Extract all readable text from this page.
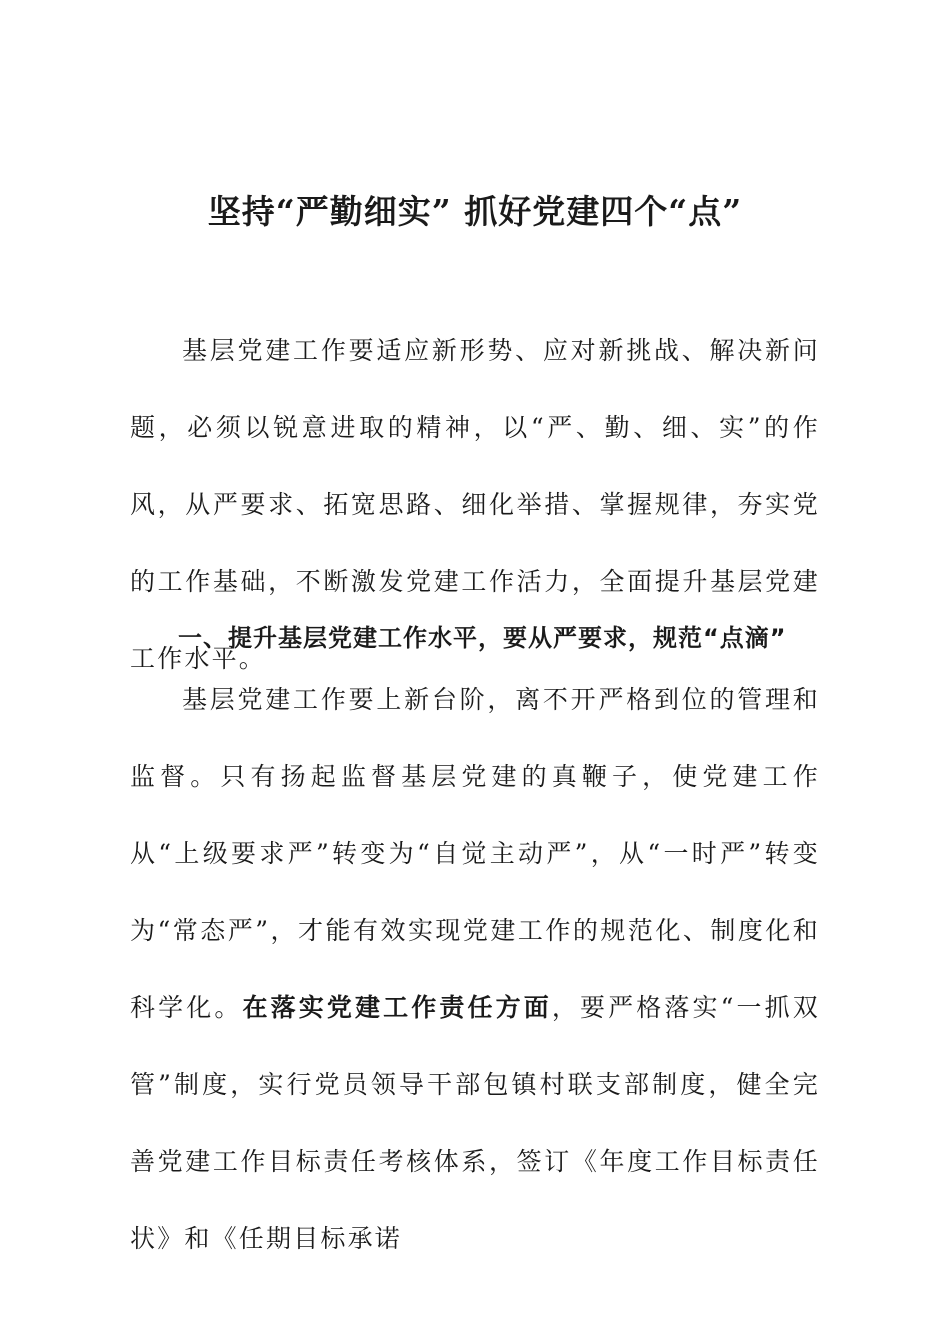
坚持“严勤细实” 抓好党建四个“点”

基层党建工作要适应新形势、应对新挑战、解决新问题，必须以锐意进取的精神，以“严、勤、细、实”的作风，从严要求、拓宽思路、细化举措、掌握规律，夯实党的工作基础，不断激发党建工作活力，全面提升基层党建工作水平。

一、提升基层党建工作水平，要从严要求，规范“点滴”

基层党建工作要上新台阶，离不开严格到位的管理和监督。只有扬起监督基层党建的真鞭子，使党建工作从“上级要求严”转变为“自觉主动严”，从“一时严”转变为“常态严”，才能有效实现党建工作的规范化、制度化和科学化。在落实党建工作责任方面，要严格落实“一抓双管”制度，实行党员领导干部包镇村联支部制度，健全完善党建工作目标责任考核体系，签订《年度工作目标责任状》和《任期目标承诺
